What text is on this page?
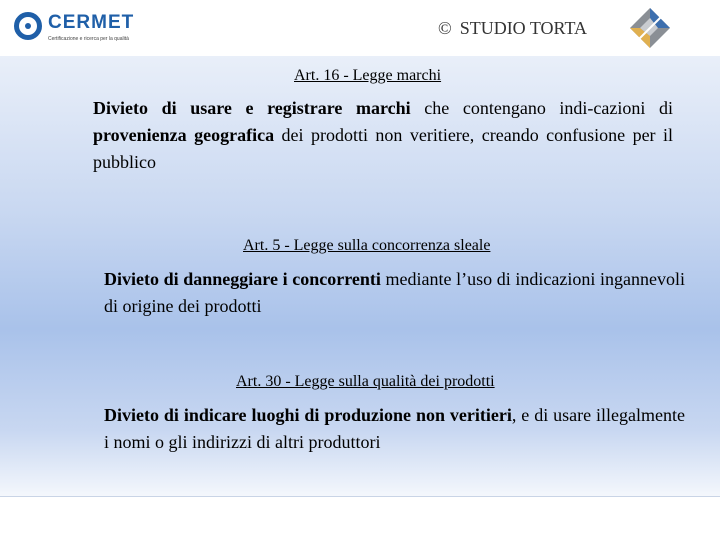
CERMET
Certificazione e ricerca per la qualità
© STUDIO TORTA
Art. 16 - Legge marchi
Divieto di usare e registrare marchi che contengano indi-cazioni di provenienza geografica dei prodotti non veritiere, creando confusione per il pubblico
Art. 5 - Legge sulla concorrenza sleale
Divieto di danneggiare i concorrenti mediante l’uso di indicazioni ingannevoli di origine dei prodotti
Art. 30 - Legge sulla qualità dei prodotti
Divieto di indicare luoghi di produzione non veritieri, e di usare illegalmente i nomi o gli indirizzi di altri produttori
